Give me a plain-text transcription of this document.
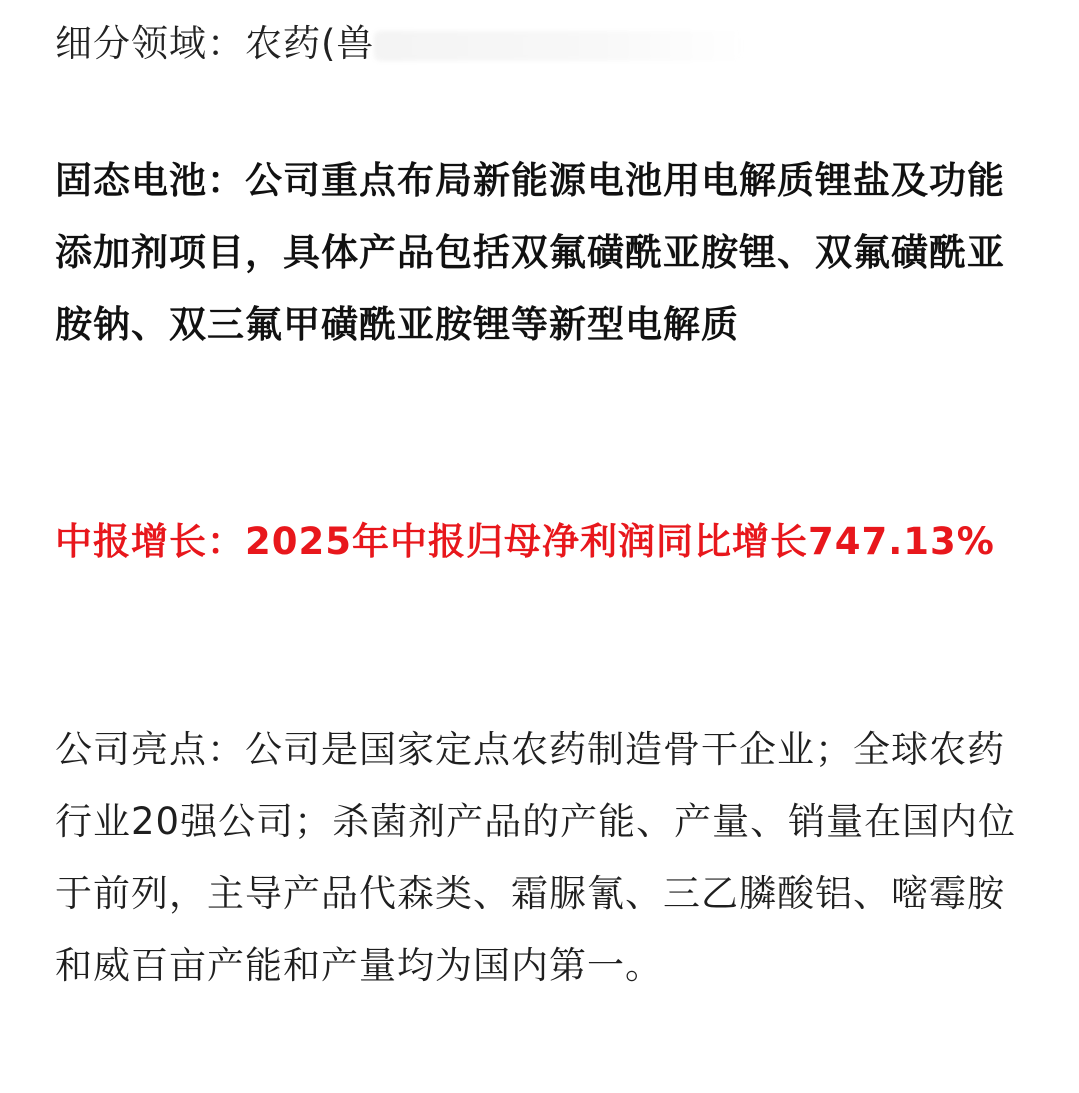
细分领域：农药(兽

固态电池：公司重点布局新能源电池用电解质锂盐及功能添加剂项目，具体产品包括双氟磺酰亚胺锂、双氟磺酰亚胺钠、双三氟甲磺酰亚胺锂等新型电解质

中报增长：2025年中报归母净利润同比增长747.13%

公司亮点：公司是国家定点农药制造骨干企业；全球农药行业20强公司；杀菌剂产品的产能、产量、销量在国内位于前列，主导产品代森类、霜脲氰、三乙膦酸铝、嘧霉胺和威百亩产能和产量均为国内第一。
